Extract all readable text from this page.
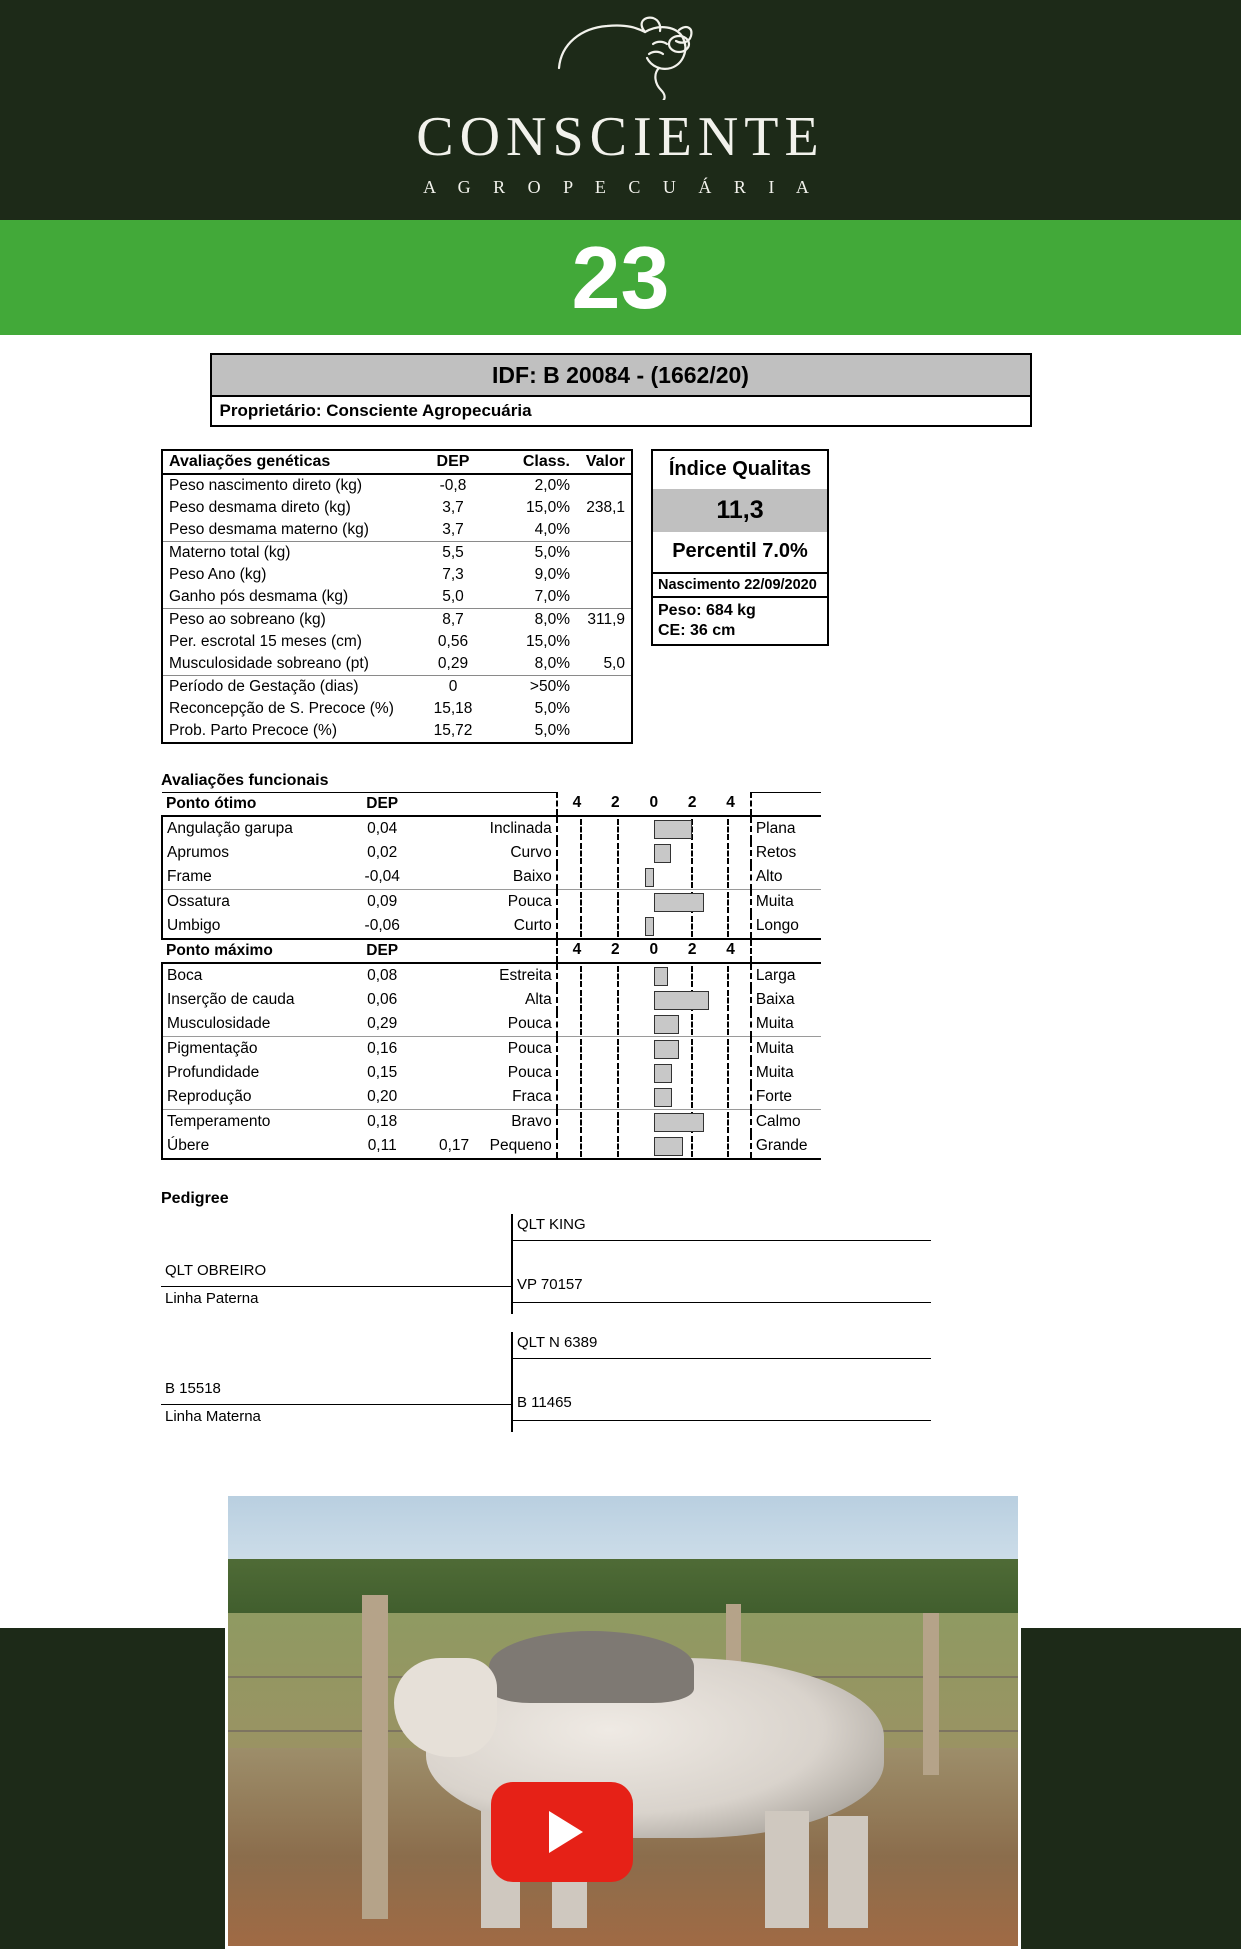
CONSCIENTE
A G R O P E C U Á R I A
23
IDF: B 20084 - (1662/20)
Proprietário: Consciente Agropecuária
Avaliações genéticas	DEP	Class.	Valor
Peso nascimento direto (kg)	-0,8	2,0%	
Peso desmama direto (kg)	3,7	15,0%	238,1
Peso desmama materno (kg)	3,7	4,0%	
Materno total (kg)	5,5	5,0%	
Peso Ano (kg)	7,3	9,0%	
Ganho pós desmama (kg)	5,0	7,0%	
Peso ao sobreano (kg)	8,7	8,0%	311,9
Per. escrotal 15 meses (cm)	0,56	15,0%	
Musculosidade sobreano (pt)	0,29	8,0%	5,0
Período de Gestação (dias)	0	>50%	
Reconcepção de S. Precoce (%)	15,18	5,0%	
Prob. Parto Precoce (%)	15,72	5,0%	
Índice Qualitas
11,3
Percentil 7.0%
Nascimento 22/09/2020
Peso: 684 kg
CE: 36 cm
Avaliações funcionais
Ponto ótimo	DEP			4 2 0 2 4	

Angulação garupa	0,04		Inclinada		Plana
Aprumos	0,02		Curvo		Retos
Frame	-0,04		Baixo		Alto
Ossatura	0,09		Pouca		Muita
Umbigo	-0,06		Curto		Longo
Ponto máximo	DEP			4 2 0 2 4	

Boca	0,08		Estreita		Larga
Inserção de cauda	0,06		Alta		Baixa
Musculosidade	0,29		Pouca		Muita
Pigmentação	0,16		Pouca		Muita
Profundidade	0,15		Pouca		Muita
Reprodução	0,20		Fraca		Forte
Temperamento	0,18		Bravo		Calmo
Úbere	0,11	0,17	Pequeno		Grande
Pedigree
QLT OBREIRO
Linha Paterna
QLT KING
VP 70157
B 15518
Linha Materna
QLT N 6389
B 11465
